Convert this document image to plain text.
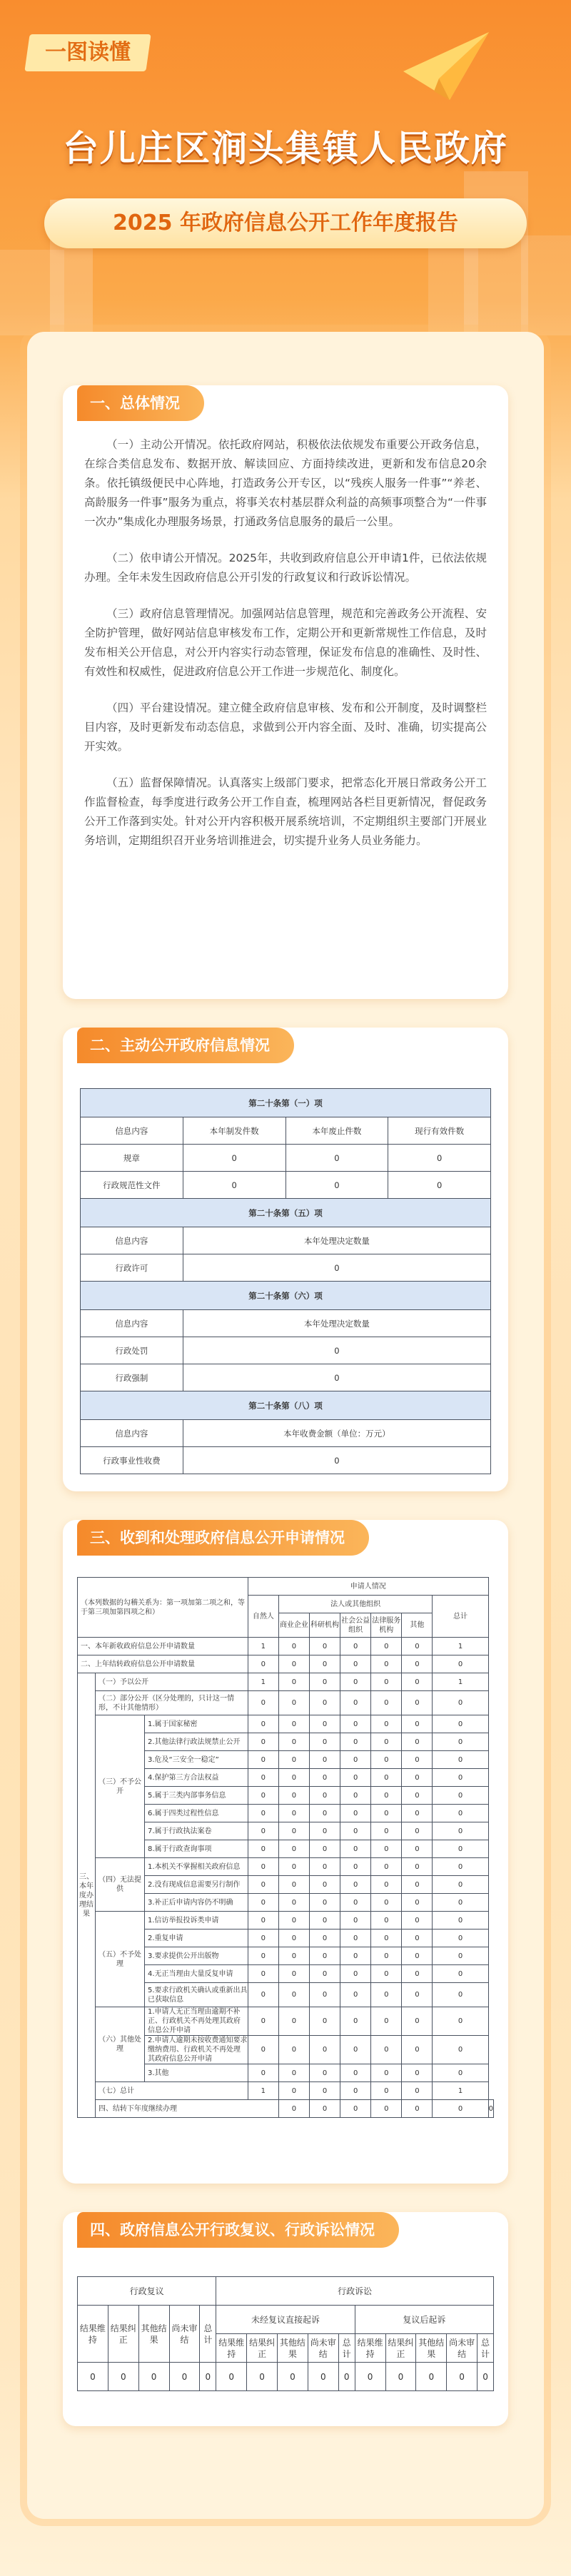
一图读懂
台儿庄区涧头集镇人民政府
2025 年政府信息公开工作年度报告
一、总体情况

（一）主动公开情况。依托政府网站，积极依法依规发布重要公开政务信息，在综合类信息发布、数据开放、解读回应、方面持续改进，更新和发布信息20余条。依托镇级便民中心阵地，打造政务公开专区，以“残疾人服务一件事”“养老、高龄服务一件事”服务为重点，将事关农村基层群众利益的高频事项整合为“一件事一次办”集成化办理服务场景，打通政务信息服务的最后一公里。

（二）依申请公开情况。2025年，共收到政府信息公开申请1件，已依法依规办理。全年未发生因政府信息公开引发的行政复议和行政诉讼情况。

（三）政府信息管理情况。加强网站信息管理，规范和完善政务公开流程、安全防护管理，做好网站信息审核发布工作，定期公开和更新常规性工作信息，及时发布相关公开信息，对公开内容实行动态管理，保证发布信息的准确性、及时性、有效性和权威性，促进政府信息公开工作进一步规范化、制度化。

（四）平台建设情况。建立健全政府信息审核、发布和公开制度，及时调整栏目内容，及时更新发布动态信息，求做到公开内容全面、及时、准确，切实提高公开实效。

（五）监督保障情况。认真落实上级部门要求，把常态化开展日常政务公开工作监督检查，每季度进行政务公开工作自查，梳理网站各栏目更新情况，督促政务公开工作落到实处。针对公开内容积极开展系统培训，不定期组织主要部门开展业务培训，定期组织召开业务培训推进会，切实提升业务人员业务能力。

二、主动公开政府信息情况
第二十条第（一）项			
信息内容	本年制发件数	本年废止件数	现行有效件数
规章	0	0	0
行政规范性文件	0	0	0
第二十条第（五）项			
信息内容	本年处理决定数量		
行政许可	0		
第二十条第（六）项			
信息内容	本年处理决定数量		
行政处罚	0		
行政强制	0		
第二十条第（八）项			
信息内容	本年收费金额（单位：万元）		
行政事业性收费	0		
三、收到和处理政府信息公开申请情况
（本列数据的勾稽关系为：第一项加第二项之和，等于第三项加第四项之和）			申请人情况							
			自然人	法人或其他组织					总计	
				商业企业	科研机构	社会公益组织	法律服务机构	其他		
一、本年新收政府信息公开申请数量			1	0	0	0	0	0	1	
二、上年结转政府信息公开申请数量			0	0	0	0	0	0	0	
三、本年度办理结果	（一）予以公开		1	0	0	0	0	0	1	
	（二）部分公开（区分处理的，只计这一情形，不计其他情形）		0	0	0	0	0	0	0	
	（三）不予公开	1.属于国家秘密	0	0	0	0	0	0	0	
		2.其他法律行政法规禁止公开	0	0	0	0	0	0	0	
		3.危及“三安全一稳定”	0	0	0	0	0	0	0	
		4.保护第三方合法权益	0	0	0	0	0	0	0	
		5.属于三类内部事务信息	0	0	0	0	0	0	0	
		6.属于四类过程性信息	0	0	0	0	0	0	0	
		7.属于行政执法案卷	0	0	0	0	0	0	0	
		8.属于行政查询事项	0	0	0	0	0	0	0	
	（四）无法提供	1.本机关不掌握相关政府信息	0	0	0	0	0	0	0	
		2.没有现成信息需要另行制作	0	0	0	0	0	0	0	
		3.补正后申请内容仍不明确	0	0	0	0	0	0	0	
	（五）不予处理	1.信访举报投诉类申请	0	0	0	0	0	0	0	
		2.重复申请	0	0	0	0	0	0	0	
		3.要求提供公开出版物	0	0	0	0	0	0	0	
		4.无正当理由大量反复申请	0	0	0	0	0	0	0	
		5.要求行政机关确认或重新出具已获取信息	0	0	0	0	0	0	0	
	（六）其他处理	1.申请人无正当理由逾期不补正、行政机关不再处理其政府信息公开申请	0	0	0	0	0	0	0	
		2.申请人逾期未按收费通知要求缴纳费用、行政机关不再处理其政府信息公开申请	0	0	0	0	0	0	0	
		3.其他	0	0	0	0	0	0	0	
	（七）总计		1	0	0	0	0	0	1	
	四、结转下年度继续办理			0	0	0	0	0	0	0
四、政府信息公开行政复议、行政诉讼情况
行政复议					行政诉讼									
结果维持	结果纠正	其他结果	尚未审结	总计	未经复议直接起诉					复议后起诉				
					结果维持	结果纠正	其他结果	尚未审结	总计	结果维持	结果纠正	其他结果	尚未审结	总计
0	0	0	0	0	0	0	0	0	0	0	0	0	0	0
